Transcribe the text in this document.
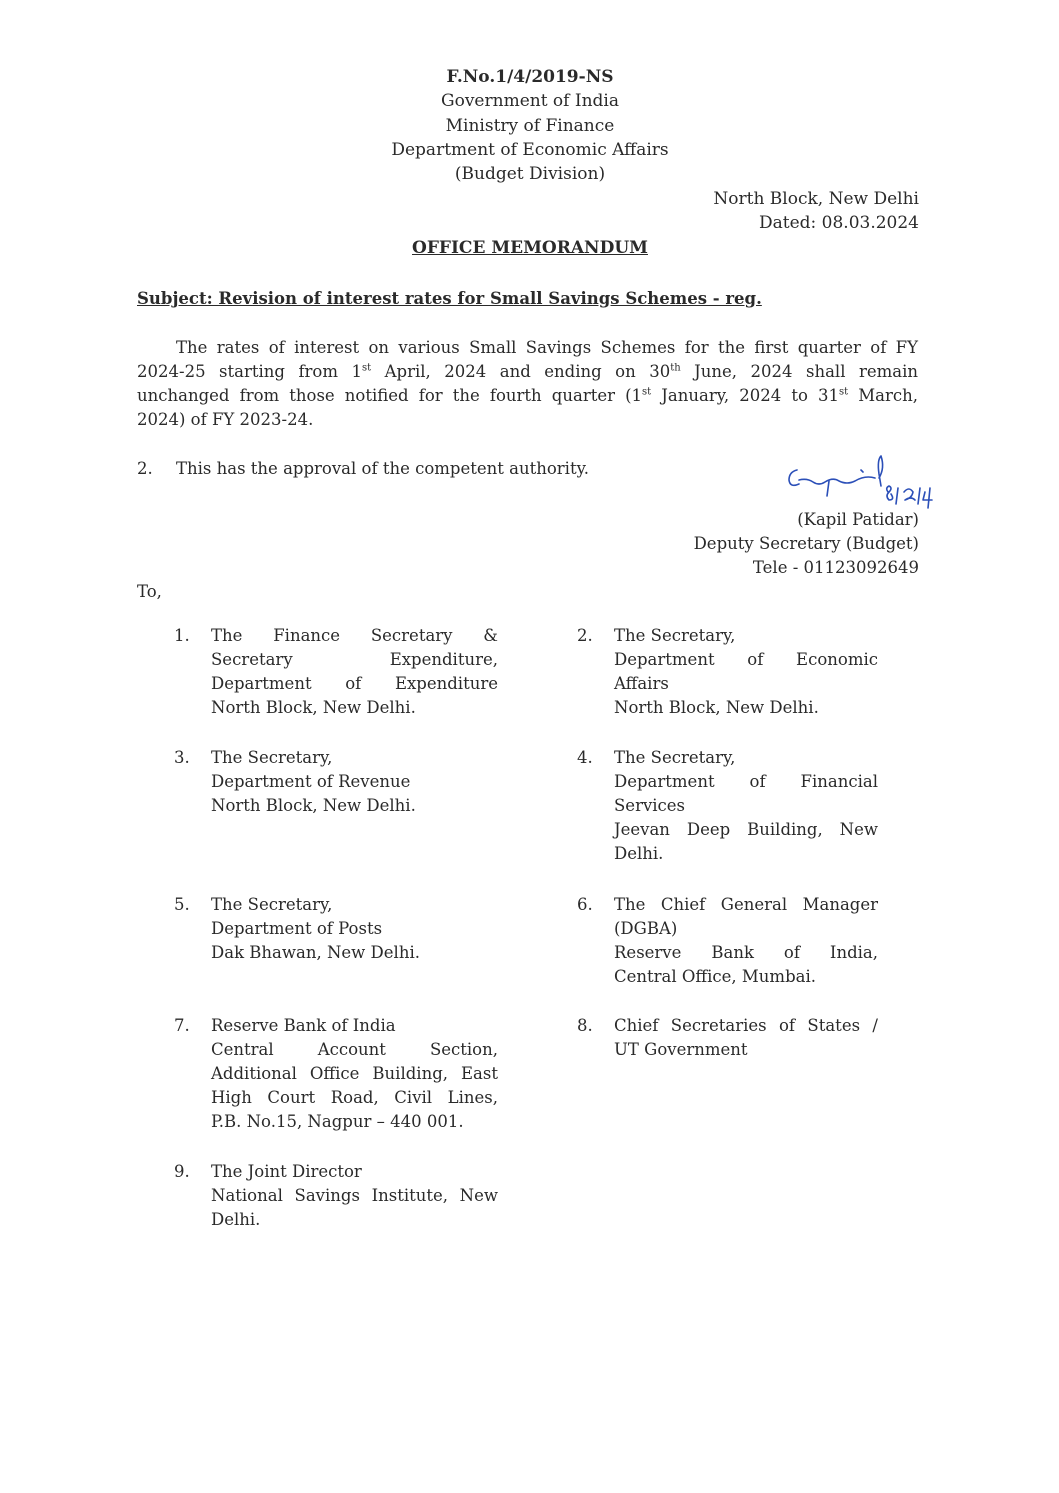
F.No.1/4/2019-NS
Government of India
Ministry of Finance
Department of Economic Affairs
(Budget Division)
North Block, New Delhi
Dated: 08.03.2024
OFFICE MEMORANDUM
Subject: Revision of interest rates for Small Savings Schemes - reg.
The rates of interest on various Small Savings Schemes for the first quarter of FY
2024-25 starting from 1st April, 2024 and ending on 30th June, 2024 shall remain
unchanged from those notified for the fourth quarter (1st January, 2024 to 31st March,
2024) of FY 2023-24.
2. This has the approval of the competent authority.
(Kapil Patidar)
Deputy Secretary (Budget)
Tele - 01123092649
To,
1.	The Finance Secretary &
Secretary Expenditure,
Department of Expenditure
North Block, New Delhi.
3.	The Secretary,
Department of Revenue
North Block, New Delhi.
5.	The Secretary,
Department of Posts
Dak Bhawan, New Delhi.
7.	Reserve Bank of India
Central Account Section,
Additional Office Building, East
High Court Road, Civil Lines,
P.B. No.15, Nagpur – 440 001.
9.	The Joint Director
National Savings Institute, New
Delhi.
2.	The Secretary,
Department of Economic
Affairs
North Block, New Delhi.
4.	The Secretary,
Department of Financial
Services
Jeevan Deep Building, New
Delhi.
6.	The Chief General Manager
(DGBA)
Reserve Bank of India,
Central Office, Mumbai.
8.	Chief Secretaries of States /
UT Government
